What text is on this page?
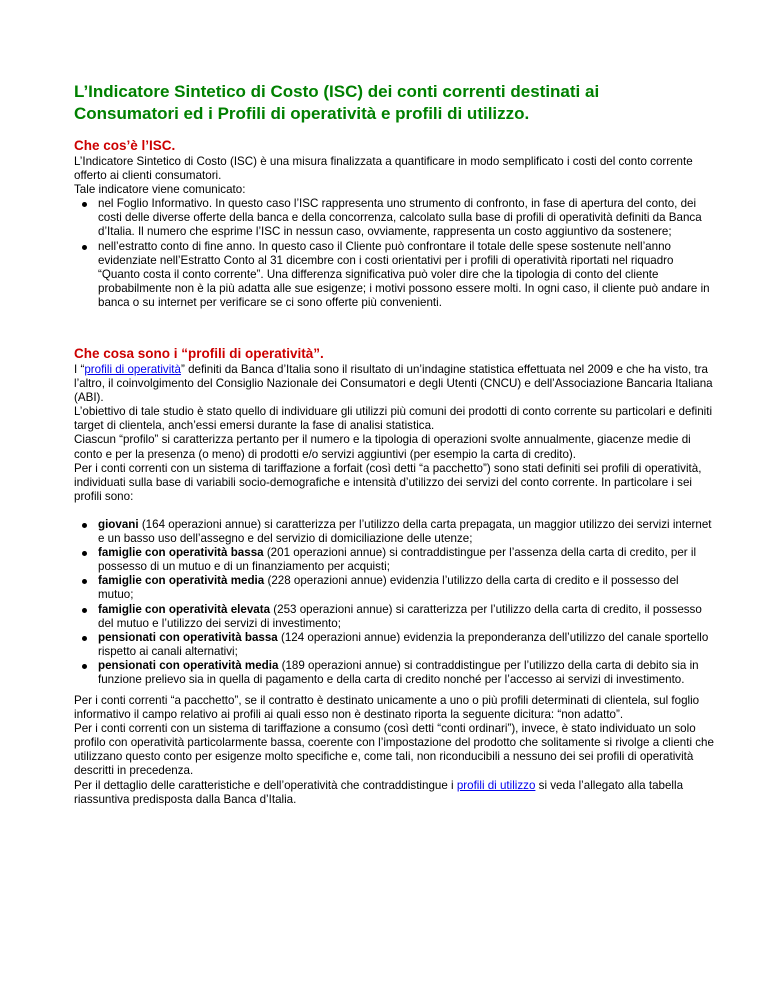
L’Indicatore Sintetico di Costo (ISC) dei conti correnti destinati ai Consumatori ed i Profili di operatività e profili di utilizzo.
Che cos’è l’ISC.

L’Indicatore Sintetico di Costo (ISC) è una misura finalizzata a quantificare in modo semplificato i costi del conto corrente offerto ai clienti consumatori.

Tale indicatore viene comunicato:

nel Foglio Informativo. In questo caso l’ISC rappresenta uno strumento di confronto, in fase di apertura del conto, dei costi delle diverse offerte della banca e della concorrenza, calcolato sulla base di profili di operatività definiti da Banca d’Italia. Il numero che esprime l’ISC in nessun caso, ovviamente, rappresenta un costo aggiuntivo da sostenere;
nell’estratto conto di fine anno. In questo caso il Cliente può confrontare il totale delle spese sostenute nell’anno evidenziate nell’Estratto Conto al 31 dicembre con i costi orientativi per i profili di operatività riportati nel riquadro “Quanto costa il conto corrente”. Una differenza significativa può voler dire che la tipologia di conto del cliente probabilmente non è la più adatta alle sue esigenze; i motivi possono essere molti. In ogni caso, il cliente può andare in banca o su internet per verificare se ci sono offerte più convenienti.
Che cosa sono i “profili di operatività”.

I “profili di operatività” definiti da Banca d’Italia sono il risultato di un’indagine statistica effettuata nel 2009 e che ha visto, tra l’altro, il coinvolgimento del Consiglio Nazionale dei Consumatori e degli Utenti (CNCU) e dell’Associazione Bancaria Italiana (ABI).

L’obiettivo di tale studio è stato quello di individuare gli utilizzi più comuni dei prodotti di conto corrente su particolari e definiti target di clientela, anch’essi emersi durante la fase di analisi statistica.

Ciascun “profilo” si caratterizza pertanto per il numero e la tipologia di operazioni svolte annualmente, giacenze medie di conto e per la presenza (o meno) di prodotti e/o servizi aggiuntivi (per esempio la carta di credito).

Per i conti correnti con un sistema di tariffazione a forfait (così detti “a pacchetto”) sono stati definiti sei profili di operatività, individuati sulla base di variabili socio-demografiche e intensità d’utilizzo dei servizi del conto corrente. In particolare i sei profili sono:

giovani (164 operazioni annue) si caratterizza per l’utilizzo della carta prepagata, un maggior utilizzo dei servizi internet e un basso uso dell’assegno e del servizio di domiciliazione delle utenze;
famiglie con operatività bassa (201 operazioni annue) si contraddistingue per l’assenza della carta di credito, per il possesso di un mutuo e di un finanziamento per acquisti;
famiglie con operatività media (228 operazioni annue) evidenzia l’utilizzo della carta di credito e il possesso del mutuo;
famiglie con operatività elevata (253 operazioni annue) si caratterizza per l’utilizzo della carta di credito, il possesso del mutuo e l’utilizzo dei servizi di investimento;
pensionati con operatività bassa (124 operazioni annue) evidenzia la preponderanza dell’utilizzo del canale sportello rispetto ai canali alternativi;
pensionati con operatività media (189 operazioni annue) si contraddistingue per l’utilizzo della carta di debito sia in funzione prelievo sia in quella di pagamento e della carta di credito nonché per l’accesso ai servizi di investimento.

Per i conti correnti “a pacchetto”, se il contratto è destinato unicamente a uno o più profili determinati di clientela, sul foglio informativo il campo relativo ai profili ai quali esso non è destinato riporta la seguente dicitura: “non adatto”.

Per i conti correnti con un sistema di tariffazione a consumo (così detti “conti ordinari”), invece, è stato individuato un solo profilo con operatività particolarmente bassa, coerente con l’impostazione del prodotto che solitamente si rivolge a clienti che utilizzano questo conto per esigenze molto specifiche e, come tali, non riconducibili a nessuno dei sei profili di operatività descritti in precedenza.

Per il dettaglio delle caratteristiche e dell’operatività che contraddistingue i profili di utilizzo si veda l’allegato alla tabella riassuntiva predisposta dalla Banca d’Italia.
